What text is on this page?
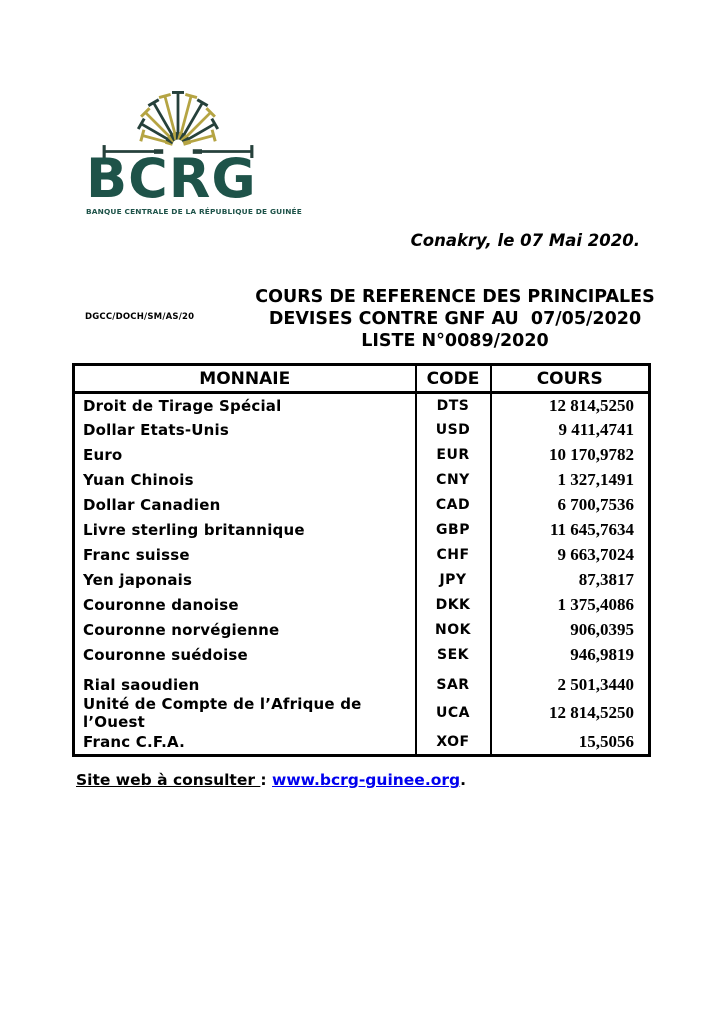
BCRG
BANQUE CENTRALE DE LA RÉPUBLIQUE DE GUINÉE
Conakry, le 07 Mai 2020.
DGCC/DOCH/SM/AS/20
COURS DE REFERENCE DES PRINCIPALES
DEVISES CONTRE GNF AU  07/05/2020
LISTE N°0089/2020
MONNAIE	CODE	COURS
Droit de Tirage Spécial	DTS	12 814,5250
Dollar Etats-Unis	USD	9 411,4741
Euro	EUR	10 170,9782
Yuan Chinois	CNY	1 327,1491
Dollar Canadien	CAD	6 700,7536
Livre sterling britannique	GBP	11 645,7634
Franc suisse	CHF	9 663,7024
Yen japonais	JPY	87,3817
Couronne danoise	DKK	1 375,4086
Couronne norvégienne	NOK	906,0395
Couronne suédoise	SEK	946,9819
Rial saoudien	SAR	2 501,3440
Unité de Compte de l’Afrique de l’Ouest	UCA	12 814,5250
Franc C.F.A.	XOF	15,5056
Site web à consulter : www.bcrg-guinee.org.
